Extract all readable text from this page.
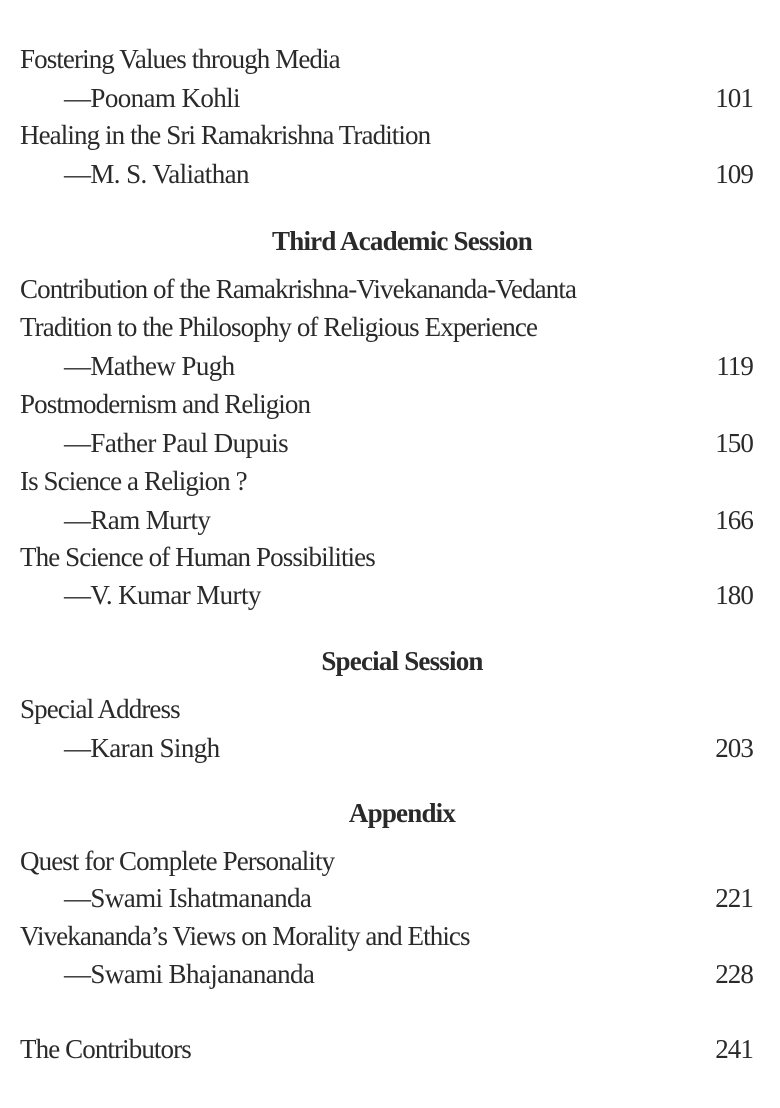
Fostering Values through Media
—Poonam Kohli	101
Healing in the Sri Ramakrishna Tradition
—M. S. Valiathan	109
Third Academic Session
Contribution of the Ramakrishna-Vivekananda-Vedanta
Tradition to the Philosophy of Religious Experience
—Mathew Pugh	119
Postmodernism and Religion
—Father Paul Dupuis	150
Is Science a Religion ?
—Ram Murty	166
The Science of Human Possibilities
—V. Kumar Murty	180
Special Session
Special Address
—Karan Singh	203
Appendix
Quest for Complete Personality
—Swami Ishatmananda	221
Vivekananda’s Views on Morality and Ethics
—Swami Bhajanananda	228
The Contributors	241
